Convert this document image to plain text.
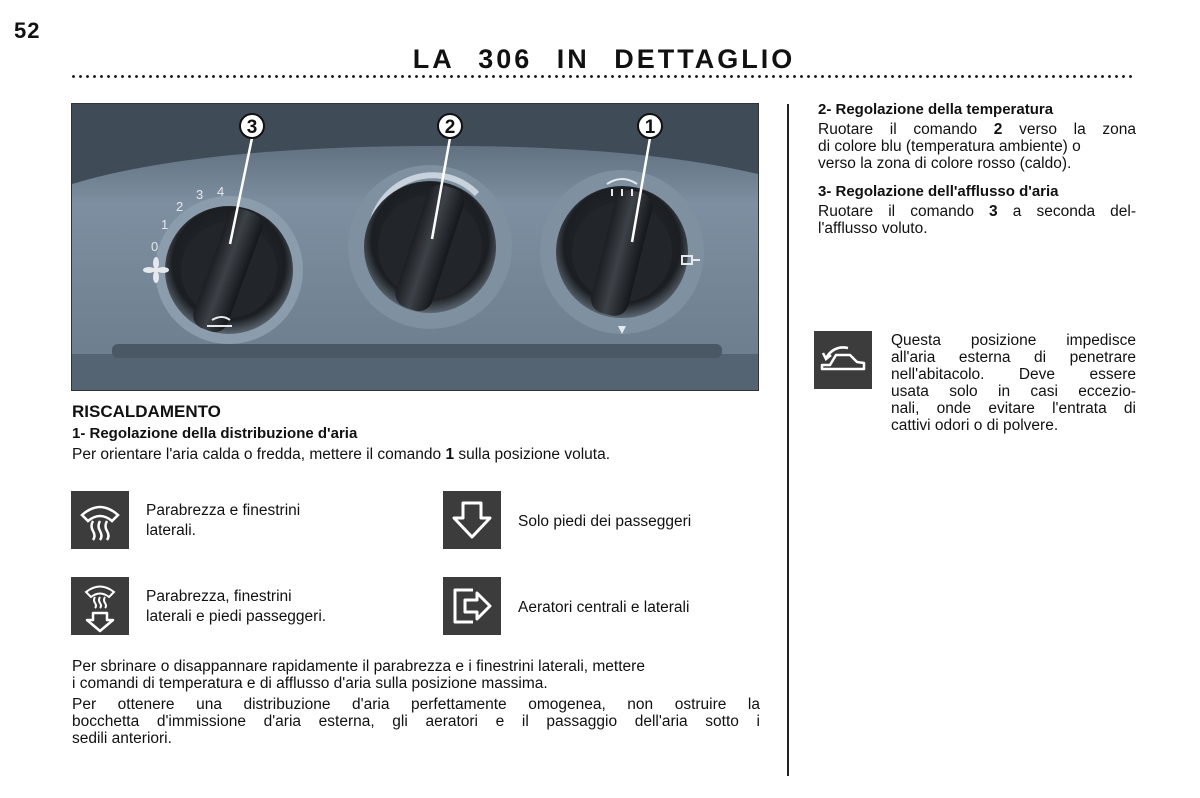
52
LA 306 IN DETTAGLIO
0
1
2
3 4
3	2	1
RISCALDAMENTO
1- Regolazione della distribuzione d'aria
Per orientare l'aria calda o fredda, mettere il comando 1 sulla posizione voluta.
Parabrezza e finestrini
laterali.
Solo piedi dei passeggeri
Parabrezza, finestrini
laterali e piedi passeggeri.
Aeratori centrali e laterali
Per sbrinare o disappannare rapidamente il parabrezza e i finestrini laterali, mettere
i comandi di temperatura e di afflusso d'aria sulla posizione massima.
Per ottenere una distribuzione d'aria perfettamente omogenea, non ostruire la
bocchetta d'immissione d'aria esterna, gli aeratori e il passaggio dell'aria sotto i
sedili anteriori.
2- Regolazione della temperatura
Ruotare il comando 2 verso la zona
di colore blu (temperatura ambiente) o
verso la zona di colore rosso (caldo).
3- Regolazione dell'afflusso d'aria
Ruotare il comando 3 a seconda del-
l'afflusso voluto.
Questa posizione impedisce
all'aria esterna di penetrare
nell'abitacolo. Deve essere
usata solo in casi eccezio-
nali, onde evitare l'entrata di
cattivi odori o di polvere.
